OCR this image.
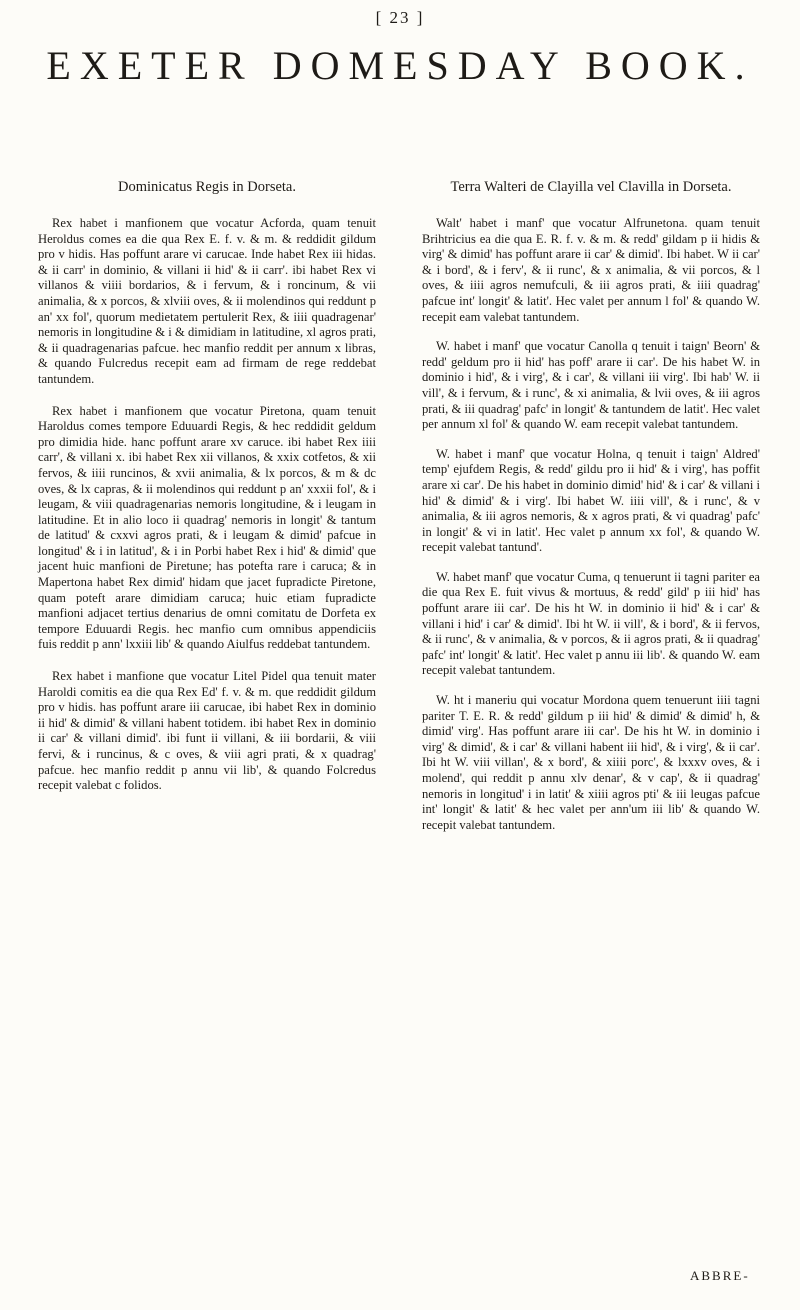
[ 23 ]
EXETER DOMESDAY BOOK.
Dominicatus Regis in Dorseta.

Rex habet i manfionem que vocatur Acforda, quam tenuit Heroldus comes ea die qua Rex E. f. v. & m. & reddidit gildum pro v hidis. Has poffunt arare vi carucae. Inde habet Rex iii hidas. & ii carr' in dominio, & villani ii hid' & ii carr'. ibi habet Rex vi villanos & viiii bordarios, & i fervum, & i roncinum, & vii animalia, & x porcos, & xlviii oves, & ii molendinos qui reddunt p an' xx fol', quorum medietatem pertulerit Rex, & iiii quadragenar' nemoris in longitudine & i & dimidiam in latitudine, xl agros prati, & ii quadragenarias pafcue. hec manfio reddit per annum x libras, & quando Fulcredus recepit eam ad firmam de rege reddebat tantundem.

Rex habet i manfionem que vocatur Piretona, quam tenuit Haroldus comes tempore Eduuardi Regis, & hec reddidit geldum pro dimidia hide. hanc poffunt arare xv caruce. ibi habet Rex iiii carr', & villani x. ibi habet Rex xii villanos, & xxix cotfetos, & xii fervos, & iiii runcinos, & xvii animalia, & lx porcos, & m & dc oves, & lx capras, & ii molendinos qui reddunt p an' xxxii fol', & i leugam, & viii quadragenarias nemoris longitudine, & i leugam in latitudine. Et in alio loco ii quadrag' nemoris in longit' & tantum de latitud' & cxxvi agros prati, & i leugam & dimid' pafcue in longitud' & i in latitud', & i in Porbi habet Rex i hid' & dimid' que jacent huic manfioni de Piretune; has potefta rare i caruca; & in Mapertona habet Rex dimid' hidam que jacet fupradicte Piretone, quam poteft arare dimidiam caruca; huic etiam fupradicte manfioni adjacet tertius denarius de omni comitatu de Dorfeta ex tempore Eduuardi Regis. hec manfio cum omnibus appendiciis fuis reddit p ann' lxxiii lib' & quando Aiulfus reddebat tantundem.

Rex habet i manfione que vocatur Litel Pidel qua tenuit mater Haroldi comitis ea die qua Rex Ed' f. v. & m. que reddidit gildum pro v hidis. has poffunt arare iii carucae, ibi habet Rex in dominio ii hid' & dimid' & villani habent totidem. ibi habet Rex in dominio ii car' & villani dimid'. ibi funt ii villani, & iii bordarii, & viii fervi, & i runcinus, & c oves, & viii agri prati, & x quadrag' pafcue. hec manfio reddit p annu vii lib', & quando Folcredus recepit valebat c folidos.

Terra Walteri de Clayilla vel Clavilla in Dorseta.

Walt' habet i manf' que vocatur Alfrunetona. quam tenuit Brihtricius ea die qua E. R. f. v. & m. & redd' gildam p ii hidis & virg' & dimid' has poffunt arare ii car' & dimid'. Ibi habet. W ii car' & i bord', & i ferv', & ii runc', & x animalia, & vii porcos, & l oves, & iiii agros nemufculi, & iii agros prati, & iiii quadrag' pafcue int' longit' & latit'. Hec valet per annum l fol' & quando W. recepit eam valebat tantundem.

W. habet i manf' que vocatur Canolla q tenuit i taign' Beorn' & redd' geldum pro ii hid' has poff' arare ii car'. De his habet W. in dominio i hid', & i virg', & i car', & villani iii virg'. Ibi hab' W. ii vill', & i fervum, & i runc', & xi animalia, & lvii oves, & iii agros prati, & iii quadrag' pafc' in longit' & tantundem de latit'. Hec valet per annum xl fol' & quando W. eam recepit valebat tantundem.

W. habet i manf' que vocatur Holna, q tenuit i taign' Aldred' temp' ejufdem Regis, & redd' gildu pro ii hid' & i virg', has poffit arare xi car'. De his habet in dominio dimid' hid' & i car' & villani i hid' & dimid' & i virg'. Ibi habet W. iiii vill', & i runc', & v animalia, & iii agros nemoris, & x agros prati, & vi quadrag' pafc' in longit' & vi in latit'. Hec valet p annum xx fol', & quando W. recepit valebat tantund'.

W. habet manf' que vocatur Cuma, q tenuerunt ii tagni pariter ea die qua Rex E. fuit vivus & mortuus, & redd' gild' p iii hid' has poffunt arare iii car'. De his ht W. in dominio ii hid' & i car' & villani i hid' i car' & dimid'. Ibi ht W. ii vill', & i bord', & ii fervos, & ii runc', & v animalia, & v porcos, & ii agros prati, & ii quadrag' pafc' int' longit' & latit'. Hec valet p annu iii lib'. & quando W. eam recepit valebat tantundem.

W. ht i maneriu qui vocatur Mordona quem tenuerunt iiii tagni pariter T. E. R. & redd' gildum p iii hid' & dimid' & dimid' h, & dimid' virg'. Has poffunt arare iii car'. De his ht W. in dominio i virg' & dimid', & i car' & villani habent iii hid', & i virg', & ii car'. Ibi ht W. viii villan', & x bord', & xiiii porc', & lxxxv oves, & i molend', qui reddit p annu xlv denar', & v cap', & ii quadrag' nemoris in longitud' i in latit' & xiiii agros pti' & iii leugas pafcue int' longit' & latit' & hec valet per ann'um iii lib' & quando W. recepit valebat tantundem.

ABBRE-
